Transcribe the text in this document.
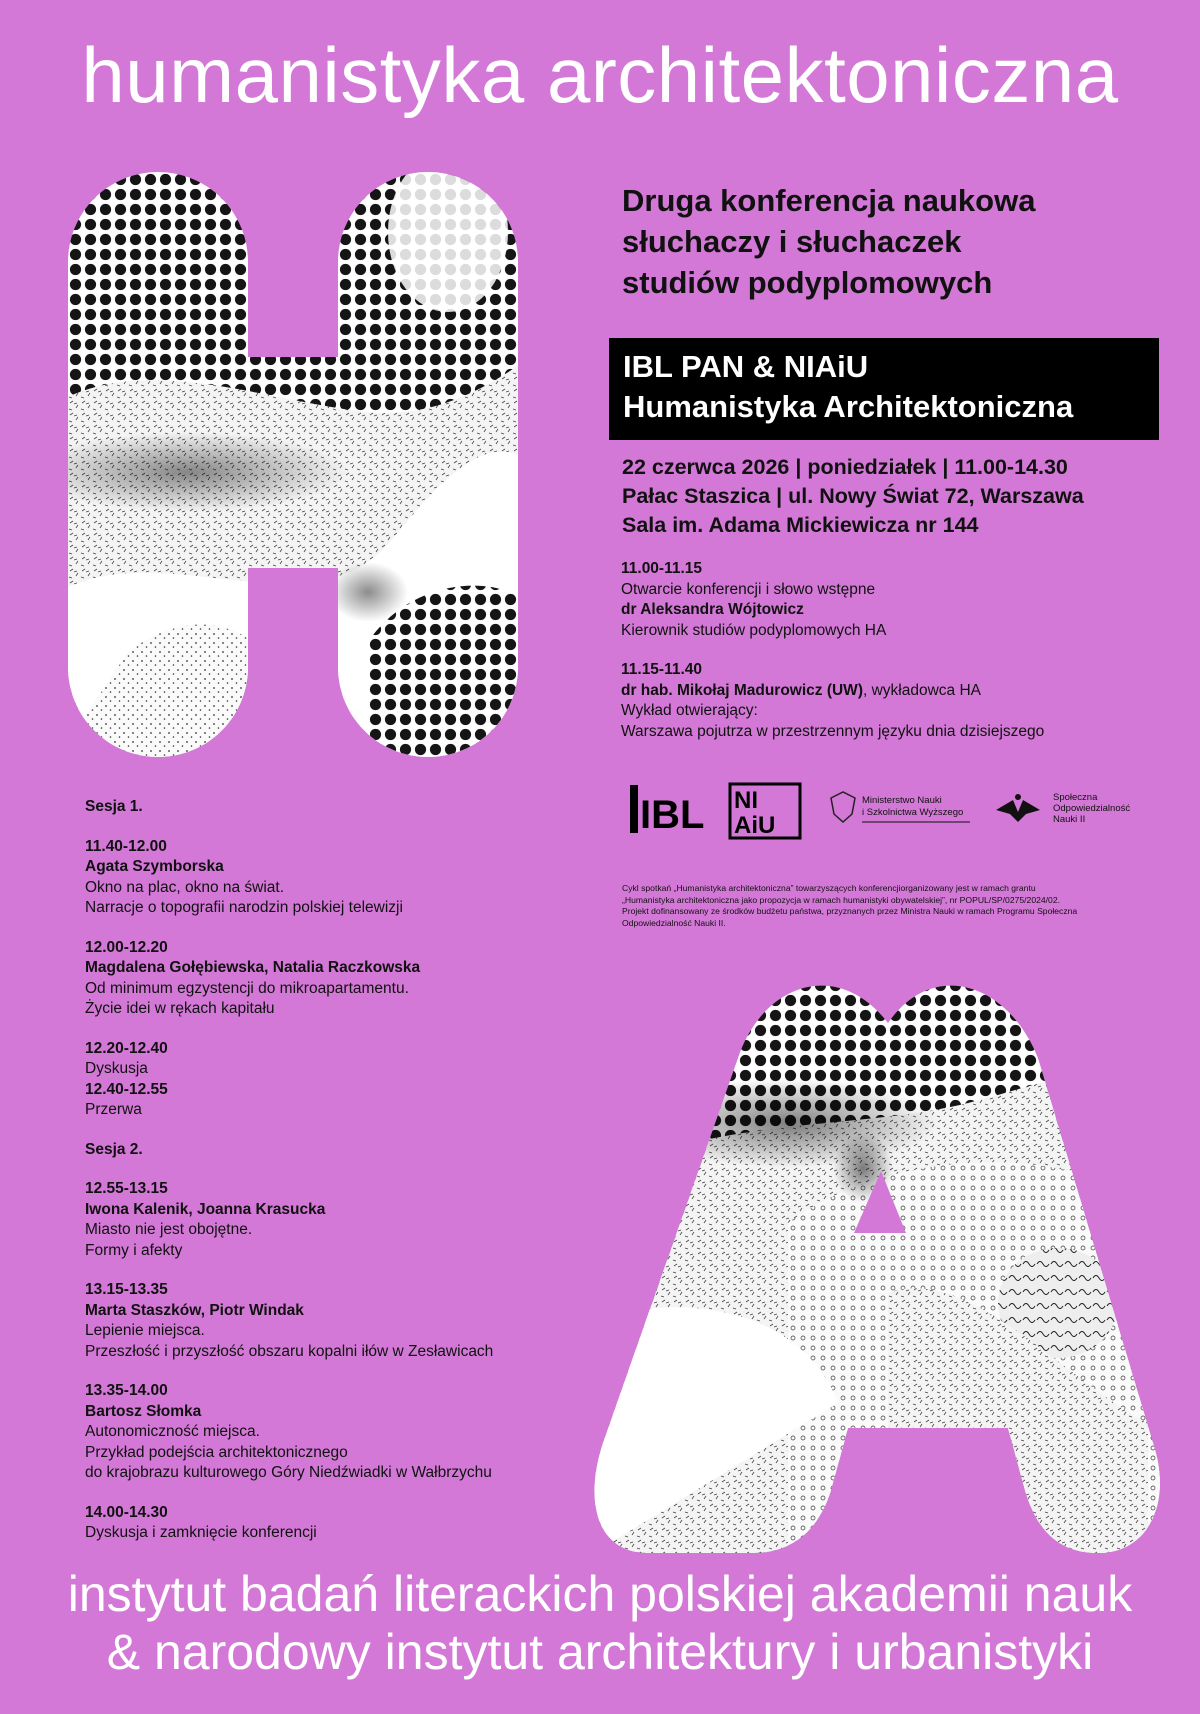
humanistyka architektoniczna
Druga konferencja naukowa
słuchaczy i słuchaczek
studiów podyplomowych
IBL PAN & NIAiU
Humanistyka Architektoniczna
22 czerwca 2026 | poniedziałek | 11.00-14.30
Pałac Staszica | ul. Nowy Świat 72, Warszawa
Sala im. Adama Mickiewicza nr 144
11.00-11.15
Otwarcie konferencji i słowo wstępne
dr Aleksandra Wójtowicz
Kierownik studiów podyplomowych HA
11.15-11.40
dr hab. Mikołaj Madurowicz (UW), wykładowca HA
Wykład otwierający:
Warszawa pojutrza w przestrzennym języku dnia dzisiejszego
IBL NI
AiU
Ministerstwo Nauki
i Szkolnictwa Wyższego
Społeczna
Odpowiedzialność
Nauki II
Cykl spotkań „Humanistyka architektoniczna” towarzyszących konferencjiorganizowany jest w ramach grantu
„Humanistyka architektoniczna jako propozycja w ramach humanistyki obywatelskiej”, nr POPUL/SP/0275/2024/02.
Projekt dofinansowany ze środków budżetu państwa, przyznanych przez Ministra Nauki w ramach Programu Społeczna
Odpowiedzialność Nauki II.
Sesja 1.
11.40-12.00
Agata Szymborska
Okno na plac, okno na świat.
Narracje o topografii narodzin polskiej telewizji
12.00-12.20
Magdalena Gołębiewska, Natalia Raczkowska
Od minimum egzystencji do mikroapartamentu.
Życie idei w rękach kapitału
12.20-12.40
Dyskusja
12.40-12.55
Przerwa
Sesja 2.
12.55-13.15
Iwona Kalenik, Joanna Krasucka
Miasto nie jest obojętne.
Formy i afekty
13.15-13.35
Marta Staszków, Piotr Windak
Lepienie miejsca.
Przeszłość i przyszłość obszaru kopalni iłów w Zesławicach
13.35-14.00
Bartosz Słomka
Autonomiczność miejsca.
Przykład podejścia architektonicznego
do krajobrazu kulturowego Góry Niedźwiadki w Wałbrzychu
14.00-14.30
Dyskusja i zamknięcie konferencji
instytut badań literackich polskiej akademii nauk
& narodowy instytut architektury i urbanistyki
